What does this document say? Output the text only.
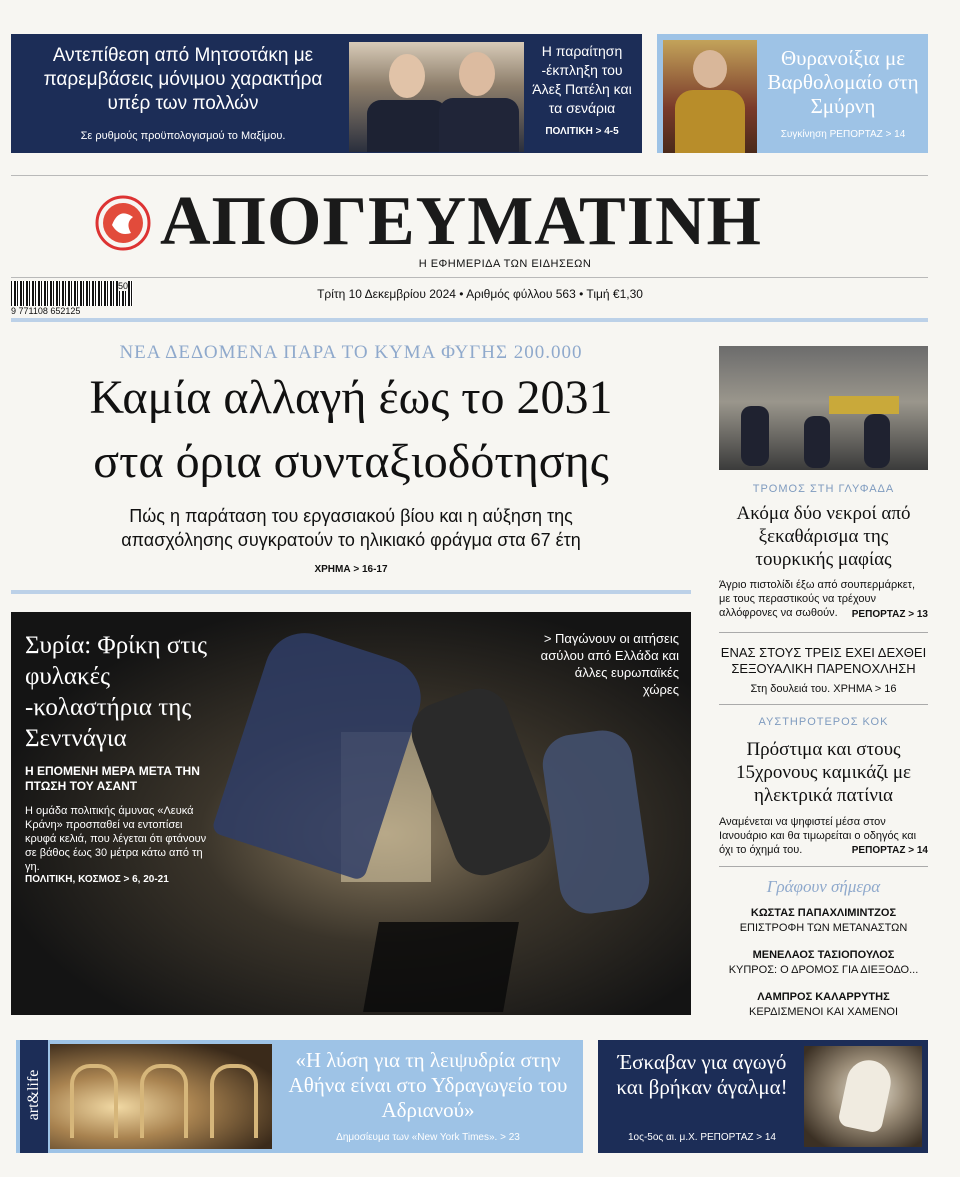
Αντεπίθεση από Μητσοτάκη με παρεμβάσεις μόνιμου χαρακτήρα υπέρ των πολλών
Σε ρυθμούς προϋπολογισμού το Μαξίμου.
Η παραίτηση -έκπληξη του Άλεξ Πατέλη και τα σενάρια
ΠΟΛΙΤΙΚΗ > 4-5
Θυρανοίξια με Βαρθολομαίο στη Σμύρνη
Συγκίνηση ΡΕΠΟΡΤΑΖ > 14
ΑΠΟΓΕΥΜΑΤΙΝΗ
Η ΕΦΗΜΕΡΙΔΑ ΤΩΝ ΕΙΔΗΣΕΩΝ
50
9 771108 652125
Τρίτη 10 Δεκεμβρίου 2024 • Αριθμός φύλλου 563 • Τιμή €1,30
ΝΕΑ ΔΕΔΟΜΕΝΑ ΠΑΡΑ ΤΟ ΚΥΜΑ ΦΥΓΗΣ 200.000
Καμία αλλαγή έως το 2031
στα όρια συνταξιοδότησης
Πώς η παράταση του εργασιακού βίου και η αύξηση της
απασχόλησης συγκρατούν το ηλικιακό φράγμα στα 67 έτη
ΧΡΗΜΑ > 16-17
Συρία: Φρίκη στις φυλακές -κολαστήρια της Σεντνάγια
Η ΕΠΟΜΕΝΗ ΜΕΡΑ ΜΕΤΑ ΤΗΝ ΠΤΩΣΗ ΤΟΥ ΑΣΑΝΤ
Η ομάδα πολιτικής άμυνας «Λευκά Κράνη» προσπαθεί να εντοπίσει κρυφά κελιά, που λέγεται ότι φτάνουν σε βάθος έως 30 μέτρα κάτω από τη γη.
ΠΟΛΙΤΙΚΗ, ΚΟΣΜΟΣ > 6, 20-21
> Παγώνουν οι αιτήσεις ασύλου από Ελλάδα και άλλες ευρωπαϊκές χώρες
ΤΡΟΜΟΣ ΣΤΗ ΓΛΥΦΑΔΑ
Ακόμα δύο νεκροί από ξεκαθάρισμα της τουρκικής μαφίας
Άγριο πιστολίδι έξω από σουπερμάρκετ, με τους περαστικούς να τρέχουν αλλόφρονες να σωθούν.	ΡΕΠΟΡΤΑΖ > 13
ΕΝΑΣ ΣΤΟΥΣ ΤΡΕΙΣ ΕΧΕΙ ΔΕΧΘΕΙ ΣΕΞΟΥΑΛΙΚΗ ΠΑΡΕΝΟΧΛΗΣΗ
Στη δουλειά του. ΧΡΗΜΑ > 16
ΑΥΣΤΗΡΟΤΕΡΟΣ ΚΟΚ
Πρόστιμα και στους 15χρονους καμικάζι με ηλεκτρικά πατίνια
Αναμένεται να ψηφιστεί μέσα στον Ιανουάριο και θα τιμωρείται ο οδηγός και όχι το όχημά του.	ΡΕΠΟΡΤΑΖ > 14
Γράφουν σήμερα
ΚΩΣΤΑΣ ΠΑΠΑΧΛΙΜΙΝΤΖΟΣ
ΕΠΙΣΤΡΟΦΗ ΤΩΝ ΜΕΤΑΝΑΣΤΩΝ
ΜΕΝΕΛΑΟΣ ΤΑΣΙΟΠΟΥΛΟΣ
ΚΥΠΡΟΣ: Ο ΔΡΟΜΟΣ ΓΙΑ ΔΙΕΞΟΔΟ...
ΛΑΜΠΡΟΣ ΚΑΛΑΡΡΥΤΗΣ
ΚΕΡΔΙΣΜΕΝΟΙ ΚΑΙ ΧΑΜΕΝΟΙ
art&life
«Η λύση για τη λειψυδρία στην Αθήνα είναι στο Υδραγωγείο του Αδριανού»
Δημοσίευμα των «New York Times». > 23
Έσκαβαν για αγωγό και βρήκαν άγαλμα!
1ος-5ος αι. μ.Χ. ΡΕΠΟΡΤΑΖ > 14
